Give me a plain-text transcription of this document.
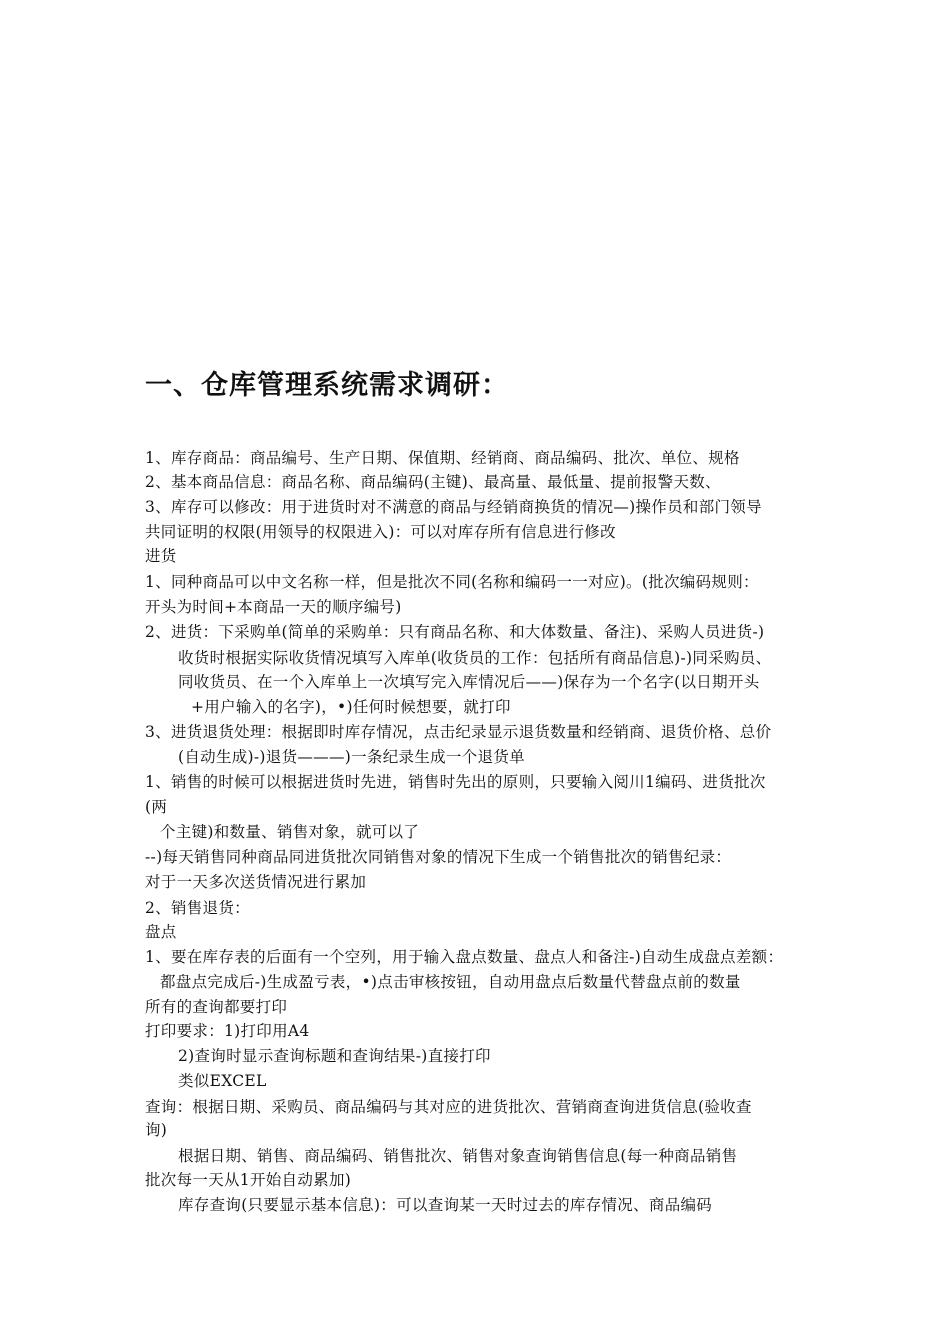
一、仓库管理系统需求调研：
1、库存商品：商品编号、生产日期、保值期、经销商、商品编码、批次、单位、规格
2、基本商品信息：商品名称、商品编码(主键)、最高量、最低量、提前报警天数、
3、库存可以修改：用于进货时对不满意的商品与经销商换货的情况—)操作员和部门领导
共同证明的权限(用领导的权限进入)：可以对库存所有信息进行修改
进货
1、同种商品可以中文名称一样，但是批次不同(名称和编码一一对应)。(批次编码规则：
开头为时间+本商品一天的顺序编号)
2、进货：下采购单(简单的采购单：只有商品名称、和大体数量、备注)、采购人员进货-)
收货时根据实际收货情况填写入库单(收货员的工作：包括所有商品信息)-)同采购员、
同收货员、在一个入库单上一次填写完入库情况后——)保存为一个名字(以日期开头
+用户输入的名字)，•)任何时候想要，就打印
3、进货退货处理：根据即时库存情况，点击纪录显示退货数量和经销商、退货价格、总价
(自动生成)-)退货———)一条纪录生成一个退货单
1、销售的时候可以根据进货时先进，销售时先出的原则，只要输入阅川1编码、进货批次
(两
个主键)和数量、销售对象，就可以了
--)每天销售同种商品同进货批次同销售对象的情况下生成一个销售批次的销售纪录：
对于一天多次送货情况进行累加
2、销售退货：
盘点
1、要在库存表的后面有一个空列，用于输入盘点数量、盘点人和备注-)自动生成盘点差额：
都盘点完成后-)生成盈亏表，•)点击审核按钮，自动用盘点后数量代替盘点前的数量
所有的查询都要打印
打印要求：1)打印用A4
2)查询时显示查询标题和查询结果-)直接打印
类似EXCEL
查询：根据日期、采购员、商品编码与其对应的进货批次、营销商查询进货信息(验收查
询)
根据日期、销售、商品编码、销售批次、销售对象查询销售信息(每一种商品销售
批次每一天从1开始自动累加)
库存查询(只要显示基本信息)：可以查询某一天时过去的库存情况、商品编码
